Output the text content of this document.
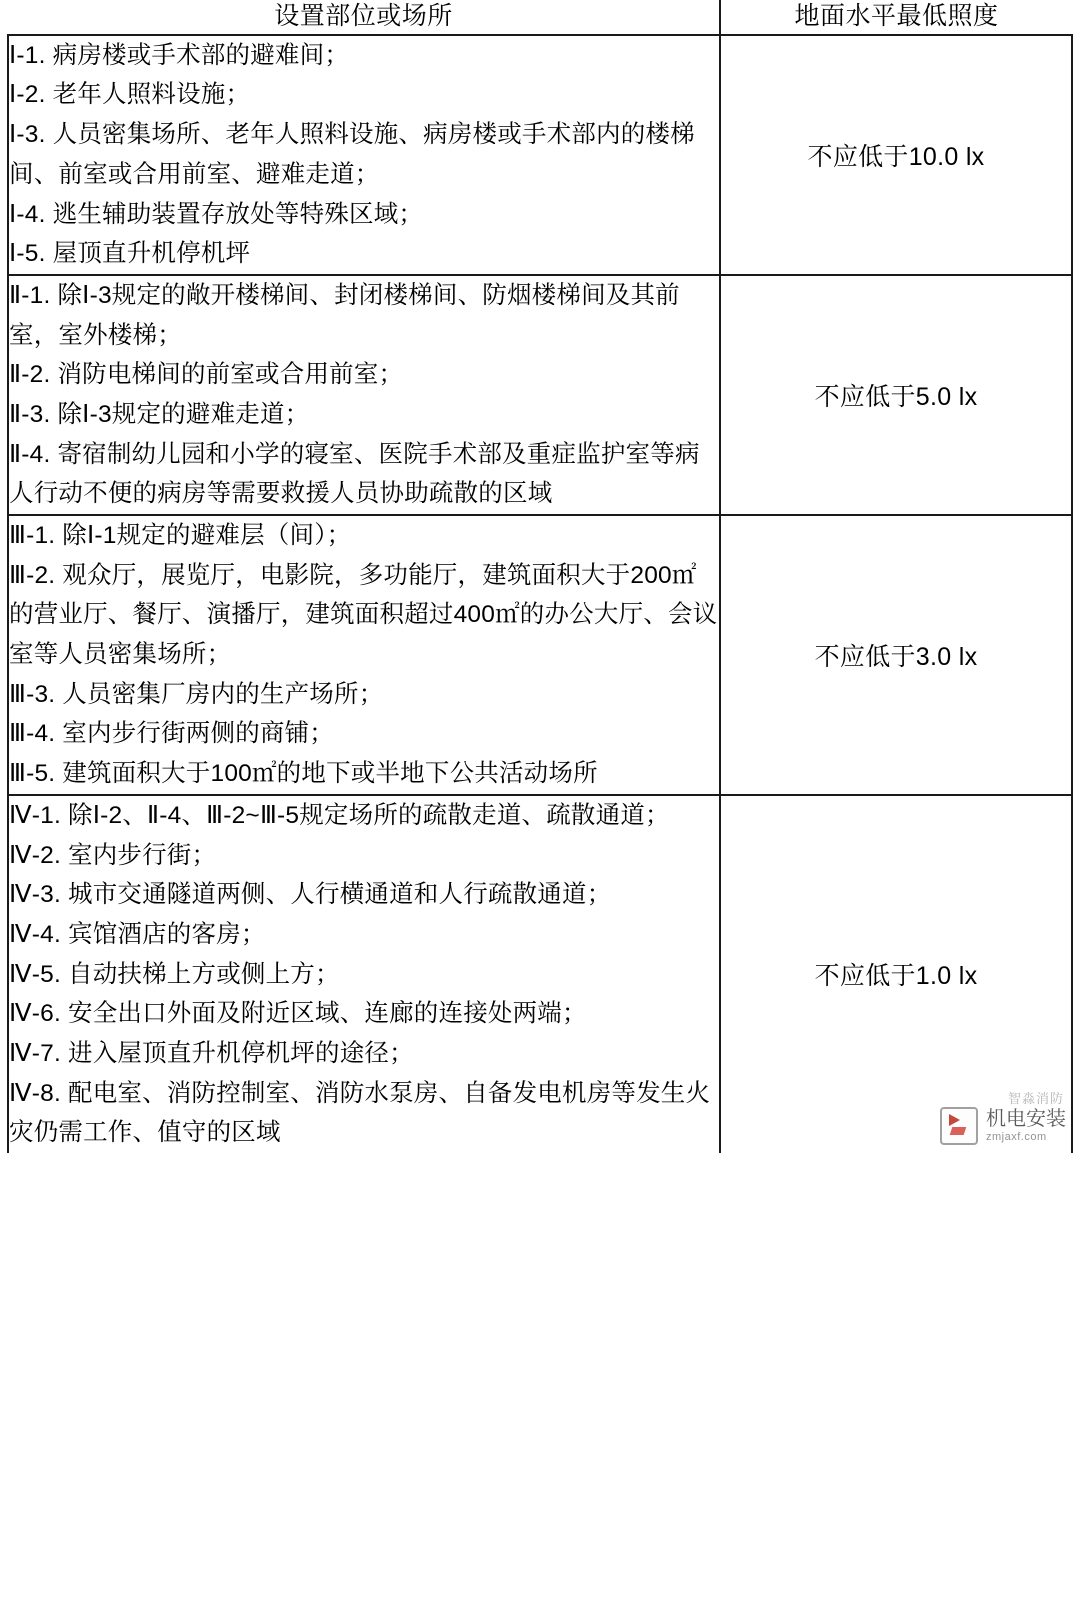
设置部位或场所	地面水平最低照度

Ⅰ-1. 病房楼或手术部的避难间；
Ⅰ-2. 老年人照料设施；
Ⅰ-3. 人员密集场所、老年人照料设施、病房楼或手术部内的楼梯间、前室或合用前室、避难走道；
Ⅰ-4. 逃生辅助装置存放处等特殊区域；
Ⅰ-5. 屋顶直升机停机坪	不应低于10.0 lx

Ⅱ-1. 除Ⅰ-3规定的敞开楼梯间、封闭楼梯间、防烟楼梯间及其前室，室外楼梯；
Ⅱ-2. 消防电梯间的前室或合用前室；
Ⅱ-3. 除Ⅰ-3规定的避难走道；
Ⅱ-4. 寄宿制幼儿园和小学的寝室、医院手术部及重症监护室等病人行动不便的病房等需要救援人员协助疏散的区域	不应低于5.0 lx

Ⅲ-1. 除Ⅰ-1规定的避难层（间）；
Ⅲ-2. 观众厅，展览厅，电影院，多功能厅，建筑面积大于200㎡的营业厅、餐厅、演播厅，建筑面积超过400㎡的办公大厅、会议室等人员密集场所；
Ⅲ-3. 人员密集厂房内的生产场所；
Ⅲ-4. 室内步行街两侧的商铺；
Ⅲ-5. 建筑面积大于100㎡的地下或半地下公共活动场所	不应低于3.0 lx

Ⅳ-1. 除Ⅰ-2、Ⅱ-4、Ⅲ-2~Ⅲ-5规定场所的疏散走道、疏散通道；
Ⅳ-2. 室内步行街；
Ⅳ-3. 城市交通隧道两侧、人行横通道和人行疏散通道；
Ⅳ-4. 宾馆酒店的客房；
Ⅳ-5. 自动扶梯上方或侧上方；
Ⅳ-6. 安全出口外面及附近区域、连廊的连接处两端；
Ⅳ-7. 进入屋顶直升机停机坪的途径；
Ⅳ-8. 配电室、消防控制室、消防水泵房、自备发电机房等发生火灾仍需工作、值守的区域
	不应低于1.0 lx
机电安装
zmjaxf.com
智淼消防
